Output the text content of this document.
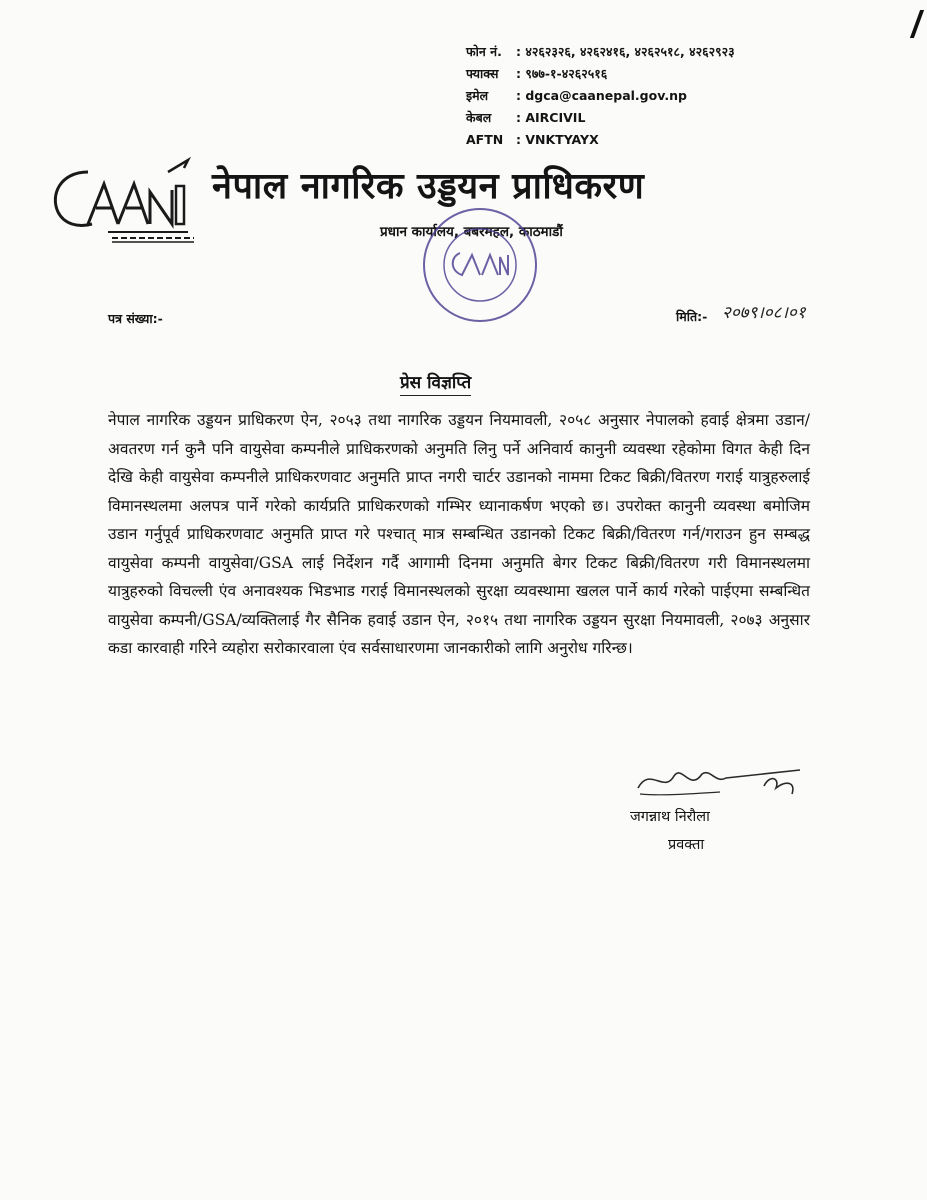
फोन नं.	: ४२६२३२६, ४२६२४१६, ४२६२५१८, ४२६२९२३
फ्याक्स	: ९७७-१-४२६२५१६
इमेल	: dgca@caanepal.gov.np
केबल	: AIRCIVIL
AFTN	: VNKTYAYX
नेपाल नागरिक उड्डयन प्राधिकरण
प्रधान कार्यालय, बबरमहल, काठमाडौं
पत्र संख्या:-	मिति:- २०७९।०८।०१
प्रेस विज्ञप्ति
नेपाल नागरिक उड्डयन प्राधिकरण ऐन, २०५३ तथा नागरिक उड्डयन नियमावली, २०५८ अनुसार नेपालको हवाई क्षेत्रमा उडान/अवतरण गर्न कुनै पनि वायुसेवा कम्पनीले प्राधिकरणको अनुमति लिनु पर्ने अनिवार्य कानुनी व्यवस्था रहेकोमा विगत केही दिन देखि केही वायुसेवा कम्पनीले प्राधिकरणवाट अनुमति प्राप्त नगरी चार्टर उडानको नाममा टिकट बिक्री/वितरण गराई यात्रुहरुलाई विमानस्थलमा अलपत्र पार्ने गरेको कार्यप्रति प्राधिकरणको गम्भिर ध्यानाकर्षण भएको छ। उपरोक्त कानुनी व्यवस्था बमोजिम उडान गर्नुपूर्व प्राधिकरणवाट अनुमति प्राप्त गरे पश्चात् मात्र सम्बन्धित उडानको टिकट बिक्री/वितरण गर्न/गराउन हुन सम्बद्ध वायुसेवा कम्पनी वायुसेवा/GSA लाई निर्देशन गर्दै आगामी दिनमा अनुमति बेगर टिकट बिक्री/वितरण गरी विमानस्थलमा यात्रुहरुको विचल्ली एंव अनावश्यक भिडभाड गराई विमानस्थलको सुरक्षा व्यवस्थामा खलल पार्ने कार्य गरेको पाईएमा सम्बन्धित वायुसेवा कम्पनी/GSA/व्यक्तिलाई गैर सैनिक हवाई उडान ऐन, २०१५ तथा नागरिक उड्डयन सुरक्षा नियमावली, २०७३ अनुसार कडा कारवाही गरिने व्यहोरा सरोकारवाला एंव सर्वसाधारणमा जानकारीको लागि अनुरोध गरिन्छ।
जगन्नाथ निरौला
प्रवक्ता
